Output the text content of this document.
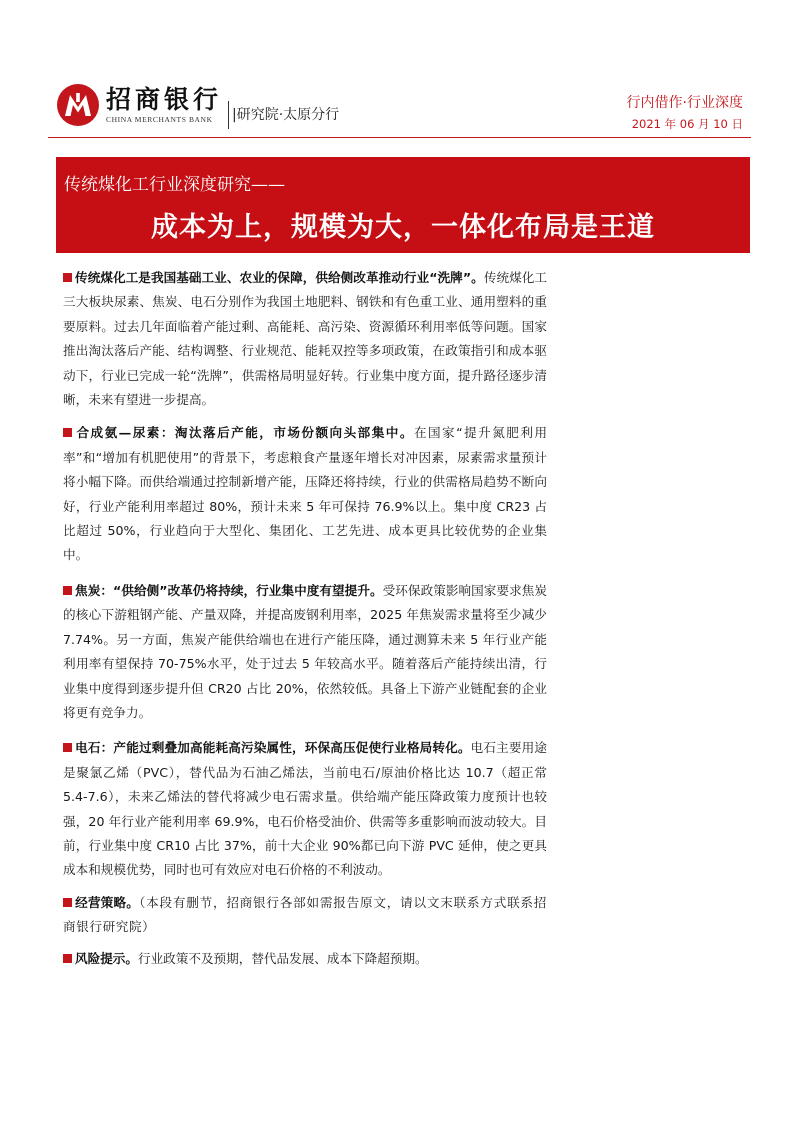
招商银行
CHINA MERCHANTS BANK	|研究院·太原分行
行内借作·行业深度
2021 年 06 月 10 日
传统煤化工行业深度研究——
成本为上，规模为大，一体化布局是王道

传统煤化工是我国基础工业、农业的保障，供给侧改革推动行业“洗牌”。传统煤化工三大板块尿素、焦炭、电石分别作为我国土地肥料、钢铁和有色重工业、通用塑料的重要原料。过去几年面临着产能过剩、高能耗、高污染、资源循环利用率低等问题。国家推出淘汰落后产能、结构调整、行业规范、能耗双控等多项政策，在政策指引和成本驱动下，行业已完成一轮“洗牌”，供需格局明显好转。行业集中度方面，提升路径逐步清晰，未来有望进一步提高。

合成氨—尿素：淘汰落后产能，市场份额向头部集中。在国家“提升氮肥利用率”和“增加有机肥使用”的背景下，考虑粮食产量逐年增长对冲因素，尿素需求量预计将小幅下降。而供给端通过控制新增产能，压降还将持续，行业的供需格局趋势不断向好，行业产能利用率超过 80%，预计未来 5 年可保持 76.9%以上。集中度 CR23 占比超过 50%，行业趋向于大型化、集团化、工艺先进、成本更具比较优势的企业集中。

焦炭：“供给侧”改革仍将持续，行业集中度有望提升。受环保政策影响国家要求焦炭的核心下游粗钢产能、产量双降，并提高废钢利用率，2025 年焦炭需求量将至少减少 7.74%。另一方面，焦炭产能供给端也在进行产能压降，通过测算未来 5 年行业产能利用率有望保持 70-75%水平，处于过去 5 年较高水平。随着落后产能持续出清，行业集中度得到逐步提升但 CR20 占比 20%，依然较低。具备上下游产业链配套的企业将更有竞争力。

电石：产能过剩叠加高能耗高污染属性，环保高压促使行业格局转化。电石主要用途是聚氯乙烯（PVC），替代品为石油乙烯法，当前电石/原油价格比达 10.7（超正常 5.4-7.6），未来乙烯法的替代将减少电石需求量。供给端产能压降政策力度预计也较强，20 年行业产能利用率 69.9%，电石价格受油价、供需等多重影响而波动较大。目前，行业集中度 CR10 占比 37%，前十大企业 90%都已向下游 PVC 延伸，使之更具成本和规模优势，同时也可有效应对电石价格的不利波动。

经营策略。（本段有删节，招商银行各部如需报告原文，请以文末联系方式联系招商银行研究院）

风险提示。行业政策不及预期，替代品发展、成本下降超预期。
